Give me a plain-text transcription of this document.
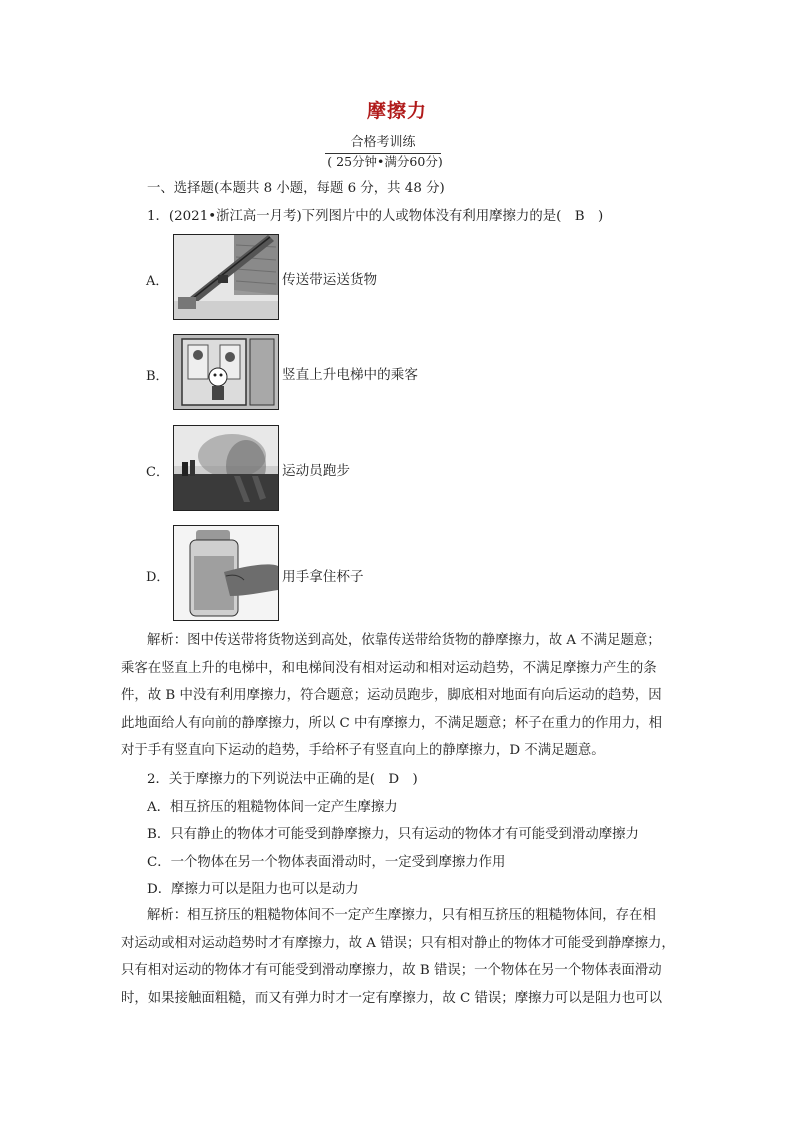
摩擦力
合格考训练
( 25分钟•满分60分)
一、选择题(本题共 8 小题，每题 6 分，共 48 分)
1．(2021•浙江高一月考)下列图片中的人或物体没有利用摩擦力的是(　B　)
A．	传送带运送货物
B．	竖直上升电梯中的乘客
C．	运动员跑步
D．	用手拿住杯子
解析：图中传送带将货物送到高处，依靠传送带给货物的静摩擦力，故 A 不满足题意；
乘客在竖直上升的电梯中，和电梯间没有相对运动和相对运动趋势，不满足摩擦力产生的条
件，故 B 中没有利用摩擦力，符合题意；运动员跑步，脚底相对地面有向后运动的趋势，因
此地面给人有向前的静摩擦力，所以 C 中有摩擦力，不满足题意；杯子在重力的作用力，相
对于手有竖直向下运动的趋势，手给杯子有竖直向上的静摩擦力，D 不满足题意。
2．关于摩擦力的下列说法中正确的是(　D　)
A．相互挤压的粗糙物体间一定产生摩擦力
B．只有静止的物体才可能受到静摩擦力，只有运动的物体才有可能受到滑动摩擦力
C．一个物体在另一个物体表面滑动时，一定受到摩擦力作用
D．摩擦力可以是阻力也可以是动力
解析：相互挤压的粗糙物体间不一定产生摩擦力，只有相互挤压的粗糙物体间，存在相
对运动或相对运动趋势时才有摩擦力，故 A 错误；只有相对静止的物体才可能受到静摩擦力，
只有相对运动的物体才有可能受到滑动摩擦力，故 B 错误；一个物体在另一个物体表面滑动
时，如果接触面粗糙，而又有弹力时才一定有摩擦力，故 C 错误；摩擦力可以是阻力也可以
